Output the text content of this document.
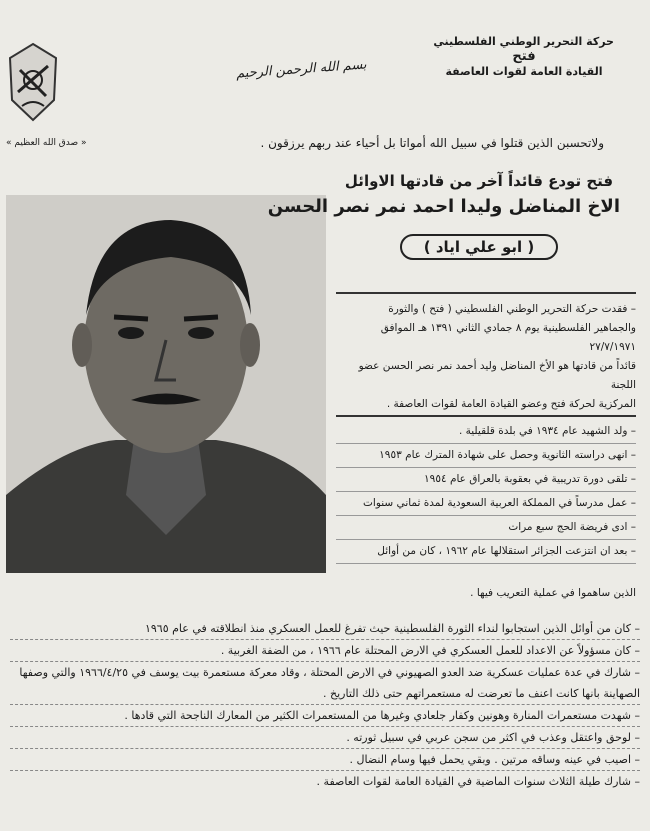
حركة التحرير الوطني الفلسطيني
فتح
القيادة العامة لقوات العاصفة
بسم الله الرحمن الرحيم
ولاتحسبن الذين قتلوا في سبيل الله أمواتا بل أحياء عند ربهم يرزقون .
« صدق الله العظيم »
فتح تودع قائداً آخر من قادتها الاوائل
الاخ المناضل وليدا احمد نمر نصر الحسن
( ابو علي اياد )

– فقدت حركة التحرير الوطني الفلسطيني ( فتح ) والثورة

والجماهير الفلسطينية يوم ٨ جمادي الثاني ١٣٩١ هـ الموافق ٢٧/٧/١٩٧١

قائداً من قادتها هو الأخ المناضل وليد أحمد نمر نصر الحسن عضو اللجنة

المركزية لحركة فتح وعضو القيادة العامة لقوات العاصفة .

– ولد الشهيد عام ١٩٣٤ في بلدة قلقيلية .
– انهى دراسته الثانوية وحصل على شهادة المترك عام ١٩٥٣
– تلقى دورة تدريبية في بعقوبة بالعراق عام ١٩٥٤
– عمل مدرساً في المملكة العربية السعودية لمدة ثماني سنوات
– ادى فريضة الحج سبع مرات
– بعد ان انتزعت الجزائر استقلالها عام ١٩٦٢ ، كان من أوائل
الذين ساهموا في عملية التعريب فيها .
– كان من أوائل الذين استجابوا لنداء الثورة الفلسطينية حيث تفرغ للعمل العسكري منذ انطلاقته في عام ١٩٦٥
– كان مسؤولاً عن الاعداد للعمل العسكري في الارض المحتلة عام ١٩٦٦ ، من الضفة الغربية .
– شارك في عدة عمليات عسكرية ضد العدو الصهيوني في الارض المحتلة ، وقاد معركة مستعمرة بيت يوسف في ١٩٦٦/٤/٢٥ والتي وصفها
الصهاينة بانها كانت اعنف ما تعرضت له مستعمراتهم حتى ذلك التاريخ .
– شهدت مستعمرات المنارة وهونين وكفار جلعادي وغيرها من المستعمرات الكثير من المعارك الناجحة التي قادها .
– لوحق واعتقل وعذب في اكثر من سجن عربي في سبيل ثورته .
– اصيب في عينه وساقه مرتين . وبقي يحمل فيها وسام النضال .
– شارك طيلة الثلاث سنوات الماضية في القيادة العامة لقوات العاصفة .
